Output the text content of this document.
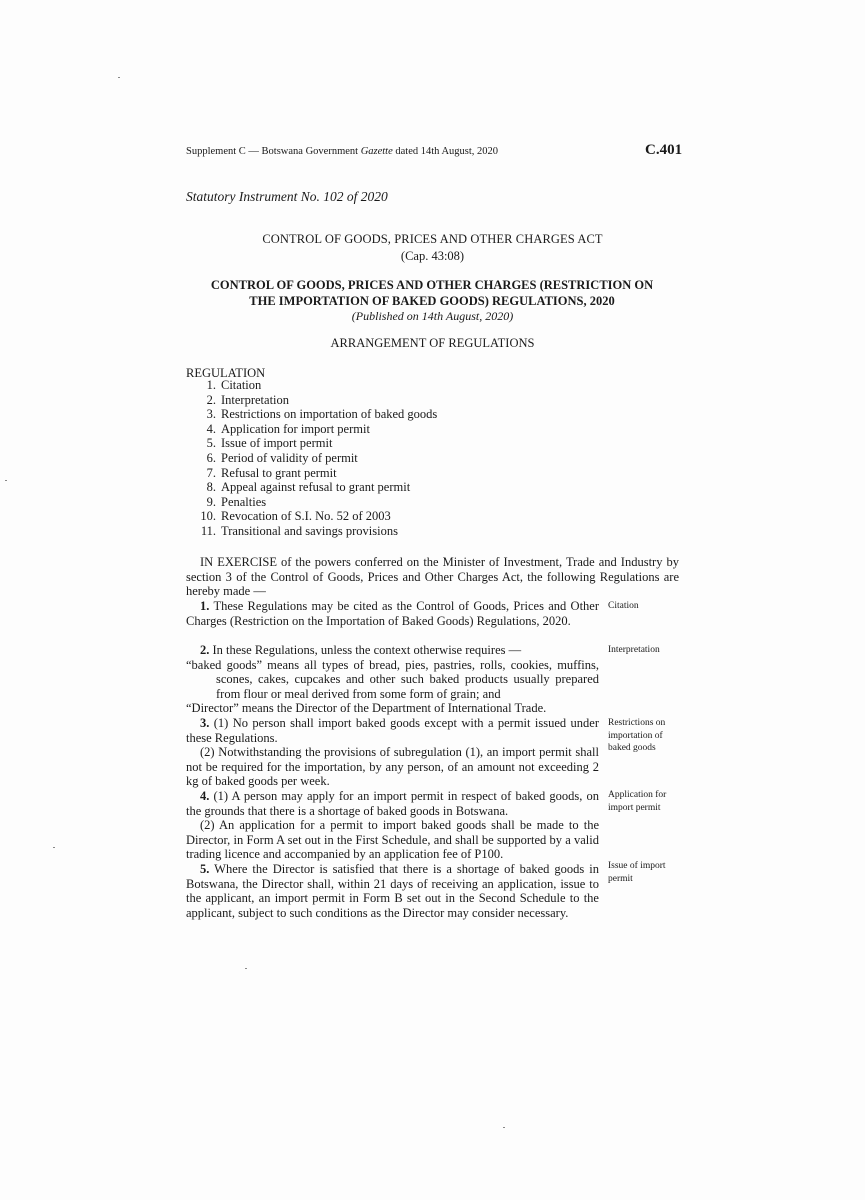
Supplement C — Botswana Government Gazette dated 14th August, 2020	C.401
Statutory Instrument No. 102 of 2020
CONTROL OF GOODS, PRICES AND OTHER CHARGES ACT
(Cap. 43:08)
CONTROL OF GOODS, PRICES AND OTHER CHARGES (RESTRICTION ON
THE IMPORTATION OF BAKED GOODS) REGULATIONS, 2020
(Published on 14th August, 2020)
ARRANGEMENT OF REGULATIONS
REGULATION
1. Citation
2. Interpretation
3. Restrictions on importation of baked goods
4. Application for import permit
5. Issue of import permit
6. Period of validity of permit
7. Refusal to grant permit
8. Appeal against refusal to grant permit
9. Penalties
10. Revocation of S.I. No. 52 of 2003
11. Transitional and savings provisions

IN EXERCISE of the powers conferred on the Minister of Investment, Trade and Industry by section 3 of the Control of Goods, Prices and Other Charges Act, the following Regulations are hereby made —

1. These Regulations may be cited as the Control of Goods, Prices and Other Charges (Restriction on the Importation of Baked Goods) Regulations, 2020.

Citation

2. In these Regulations, unless the context otherwise requires —

“baked goods” means all types of bread, pies, pastries, rolls, cookies, muffins, scones, cakes, cupcakes and other such baked products usually prepared from flour or meal derived from some form of grain; and

“Director” means the Director of the Department of International Trade.

Interpretation

3. (1) No person shall import baked goods except with a permit issued under these Regulations.

(2) Notwithstanding the provisions of subregulation (1), an import permit shall not be required for the importation, by any person, of an amount not exceeding 2 kg of baked goods per week.

Restrictions on importation of baked goods

4. (1) A person may apply for an import permit in respect of baked goods, on the grounds that there is a shortage of baked goods in Botswana.

(2) An application for a permit to import baked goods shall be made to the Director, in Form A set out in the First Schedule, and shall be supported by a valid trading licence and accompanied by an application fee of P100.

Application for import permit

5. Where the Director is satisfied that there is a shortage of baked goods in Botswana, the Director shall, within 21 days of receiving an application, issue to the applicant, an import permit in Form B set out in the Second Schedule to the applicant, subject to such conditions as the Director may consider necessary.

Issue of import permit
